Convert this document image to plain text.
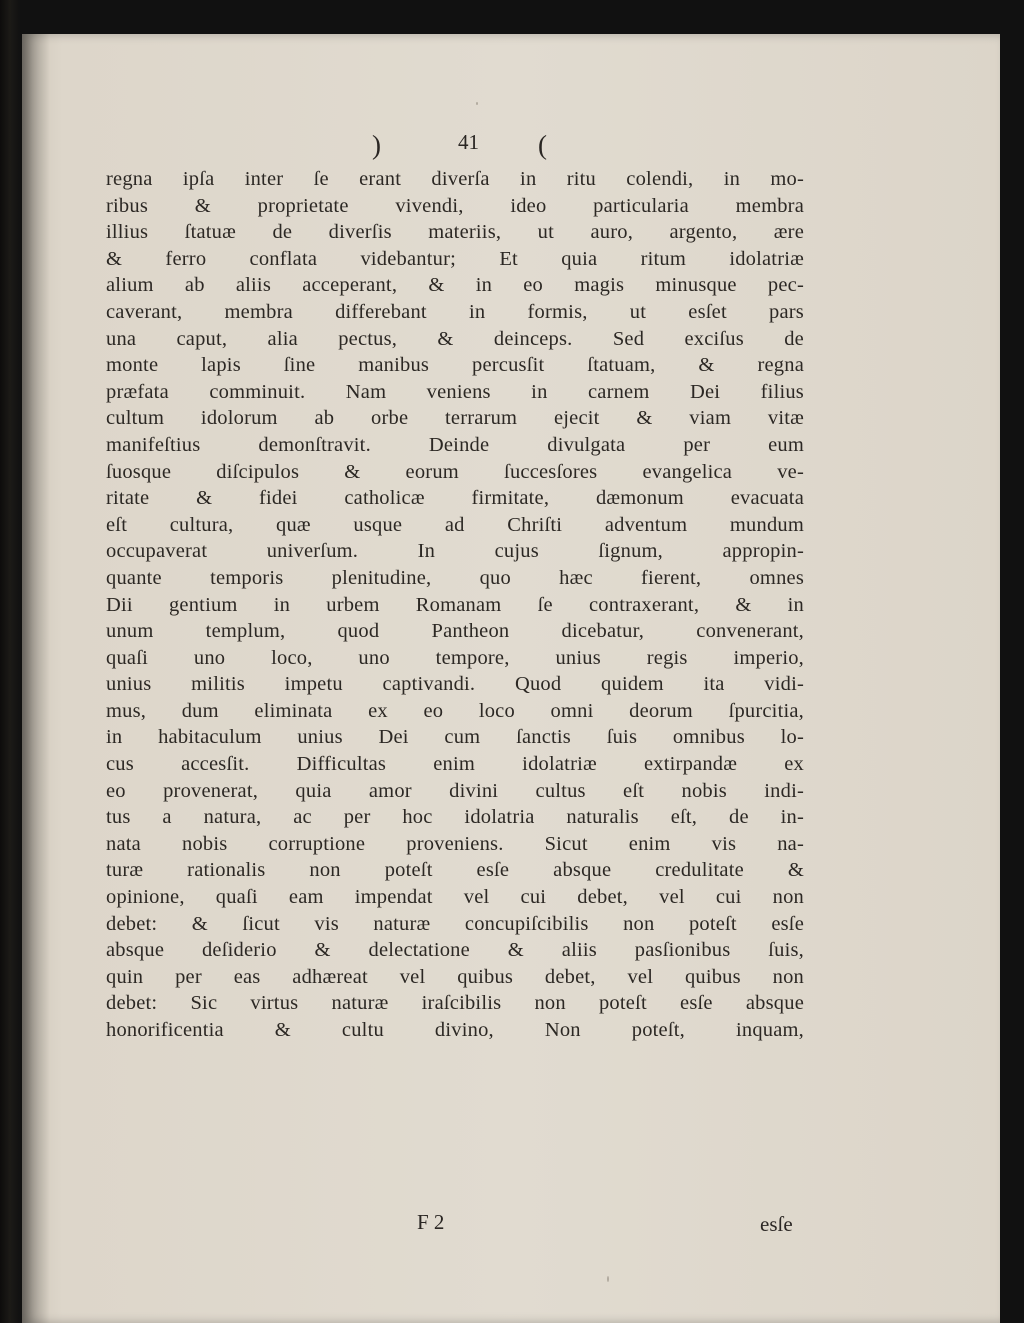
)	41 (
regna ipſa inter ſe erant diverſa in ritu colendi, in mo-
ribus & proprietate vivendi, ideo particularia membra
illius ſtatuæ de diverſis materiis, ut auro, argento, ære
& ferro conflata videbantur; Et quia ritum idolatriæ
alium ab aliis acceperant, & in eo magis minusque pec-
caverant, membra differebant in formis, ut esſet pars
una caput, alia pectus, & deinceps. Sed exciſus de
monte lapis ſine manibus percusſit ſtatuam, & regna
præfata comminuit. Nam veniens in carnem Dei filius
cultum idolorum ab orbe terrarum ejecit & viam vitæ
manifeſtius demonſtravit. Deinde divulgata per eum
ſuosque diſcipulos & eorum ſuccesſores evangelica ve-
ritate & fidei catholicæ firmitate, dæmonum evacuata
eſt cultura, quæ usque ad Chriſti adventum mundum
occupaverat univerſum. In cujus ſignum, appropin-
quante temporis plenitudine, quo hæc fierent, omnes
Dii gentium in urbem Romanam ſe contraxerant, & in
unum templum, quod Pantheon dicebatur, convenerant,
quaſi uno loco, uno tempore, unius regis imperio,
unius militis impetu captivandi. Quod quidem ita vidi-
mus, dum eliminata ex eo loco omni deorum ſpurcitia,
in habitaculum unius Dei cum ſanctis ſuis omnibus lo-
cus accesſit. Difficultas enim idolatriæ extirpandæ ex
eo provenerat, quia amor divini cultus eſt nobis indi-
tus a natura, ac per hoc idolatria naturalis eſt, de in-
nata nobis corruptione proveniens. Sicut enim vis na-
turæ rationalis non poteſt esſe absque credulitate &
opinione, quaſi eam impendat vel cui debet, vel cui non
debet: & ſicut vis naturæ concupiſcibilis non poteſt esſe
absque deſiderio & delectatione & aliis pasſionibus ſuis,
quin per eas adhæreat vel quibus debet, vel quibus non
debet: Sic virtus naturæ iraſcibilis non poteſt esſe absque
honorificentia & cultu divino, Non poteſt, inquam,
F 2	esſe
